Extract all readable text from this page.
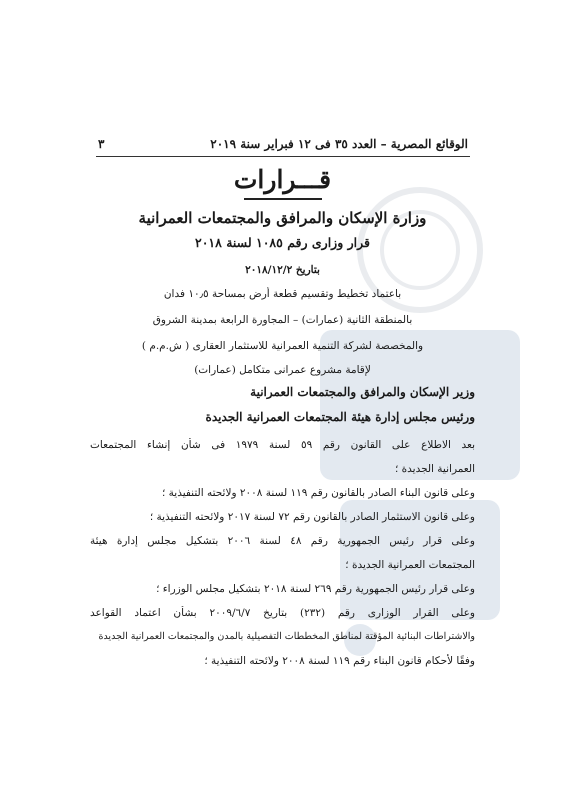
الوقائع المصرية – العدد ٣٥ فى ١٢ فبراير سنة ٢٠١٩
٣
قـــرارات
وزارة الإسكان والمرافق والمجتمعات العمرانية
قرار وزارى رقم ١٠٨٥ لسنة ٢٠١٨
بتاريخ ٢٠١٨/١٢/٢
باعتماد تخطيط وتقسيم قطعة أرض بمساحة ١٠٫٥ فدان
بالمنطقة الثانية (عمارات) – المجاورة الرابعة بمدينة الشروق
والمخصصة لشركة التنمية العمرانية للاستثمار العقارى ( ش.م.م )
لإقامة مشروع عمرانى متكامل (عمارات)
وزير الإسكان والمرافق والمجتمعات العمرانية
ورئيس مجلس إدارة هيئة المجتمعات العمرانية الجديدة
بعد الاطلاع على القانون رقم ٥٩ لسنة ١٩٧٩ فى شأن إنشاء المجتمعات
العمرانية الجديدة ؛
وعلى قانون البناء الصادر بالقانون رقم ١١٩ لسنة ٢٠٠٨ ولائحته التنفيذية ؛
وعلى قانون الاستثمار الصادر بالقانون رقم ٧٢ لسنة ٢٠١٧ ولائحته التنفيذية ؛
وعلى قرار رئيس الجمهورية رقم ٤٨ لسنة ٢٠٠٦ بتشكيل مجلس إدارة هيئة
المجتمعات العمرانية الجديدة ؛
وعلى قرار رئيس الجمهورية رقم ٢٦٩ لسنة ٢٠١٨ بتشكيل مجلس الوزراء ؛
وعلى القرار الوزارى رقم (٢٣٢) بتاريخ ٢٠٠٩/٦/٧ بشأن اعتماد القواعد
والاشتراطات البنائية المؤقتة لمناطق المخططات التفصيلية بالمدن والمجتمعات العمرانية الجديدة
وفقًا لأحكام قانون البناء رقم ١١٩ لسنة ٢٠٠٨ ولائحته التنفيذية ؛
